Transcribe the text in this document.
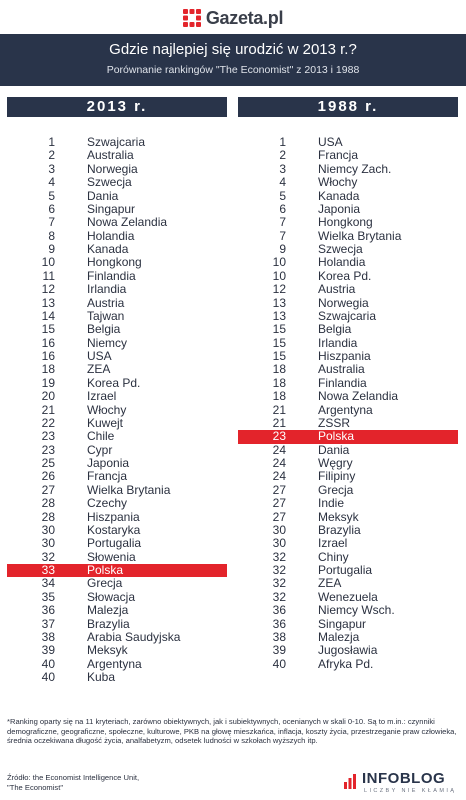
Gazeta.pl
Gdzie najlepiej się urodzić w 2013 r.?
Porównanie rankingów "The Economist" z 2013 i 1988
2013 r.
1	Szwajcaria
2	Australia
3	Norwegia
4	Szwecja
5	Dania
6	Singapur
7	Nowa Zelandia
8	Holandia
9	Kanada
10	Hongkong
11	Finlandia
12	Irlandia
13	Austria
14	Tajwan
15	Belgia
16	Niemcy
16	USA
18	ZEA
19	Korea Pd.
20	Izrael
21	Włochy
22	Kuwejt
23	Chile
23	Cypr
25	Japonia
26	Francja
27	Wielka Brytania
28	Czechy
28	Hiszpania
30	Kostaryka
30	Portugalia
32	Słowenia
33	Polska
34	Grecja
35	Słowacja
36	Malezja
37	Brazylia
38	Arabia Saudyjska
39	Meksyk
40	Argentyna
40	Kuba
1988 r.
1	USA
2	Francja
3	Niemcy Zach.
4	Włochy
5	Kanada
6	Japonia
7	Hongkong
7	Wielka Brytania
9	Szwecja
10	Holandia
10	Korea Pd.
12	Austria
13	Norwegia
13	Szwajcaria
15	Belgia
15	Irlandia
15	Hiszpania
18	Australia
18	Finlandia
18	Nowa Zelandia
21	Argentyna
21	ZSSR
23	Polska
24	Dania
24	Węgry
24	Filipiny
27	Grecja
27	Indie
27	Meksyk
30	Brazylia
30	Izrael
32	Chiny
32	Portugalia
32	ZEA
32	Wenezuela
36	Niemcy Wsch.
36	Singapur
38	Malezja
39	Jugosławia
40	Afryka Pd.
*Ranking oparty się na 11 kryteriach, zarówno obiektywnych, jak i subiektywnych, ocenianych w skali 0-10. Są to m.in.: czynniki demograficzne, geograficzne, społeczne, kulturowe, PKB na głowę mieszkańca, inflacja, koszty życia, przestrzeganie praw człowieka, średnia oczekiwana długość życia, analfabetyzm, odsetek ludności w szkołach wyższych itp.
Źródło: the Economist Intelligence Unit,
"The Economist"	INFOBLOG
LICZBY NIE KŁAMIĄ
